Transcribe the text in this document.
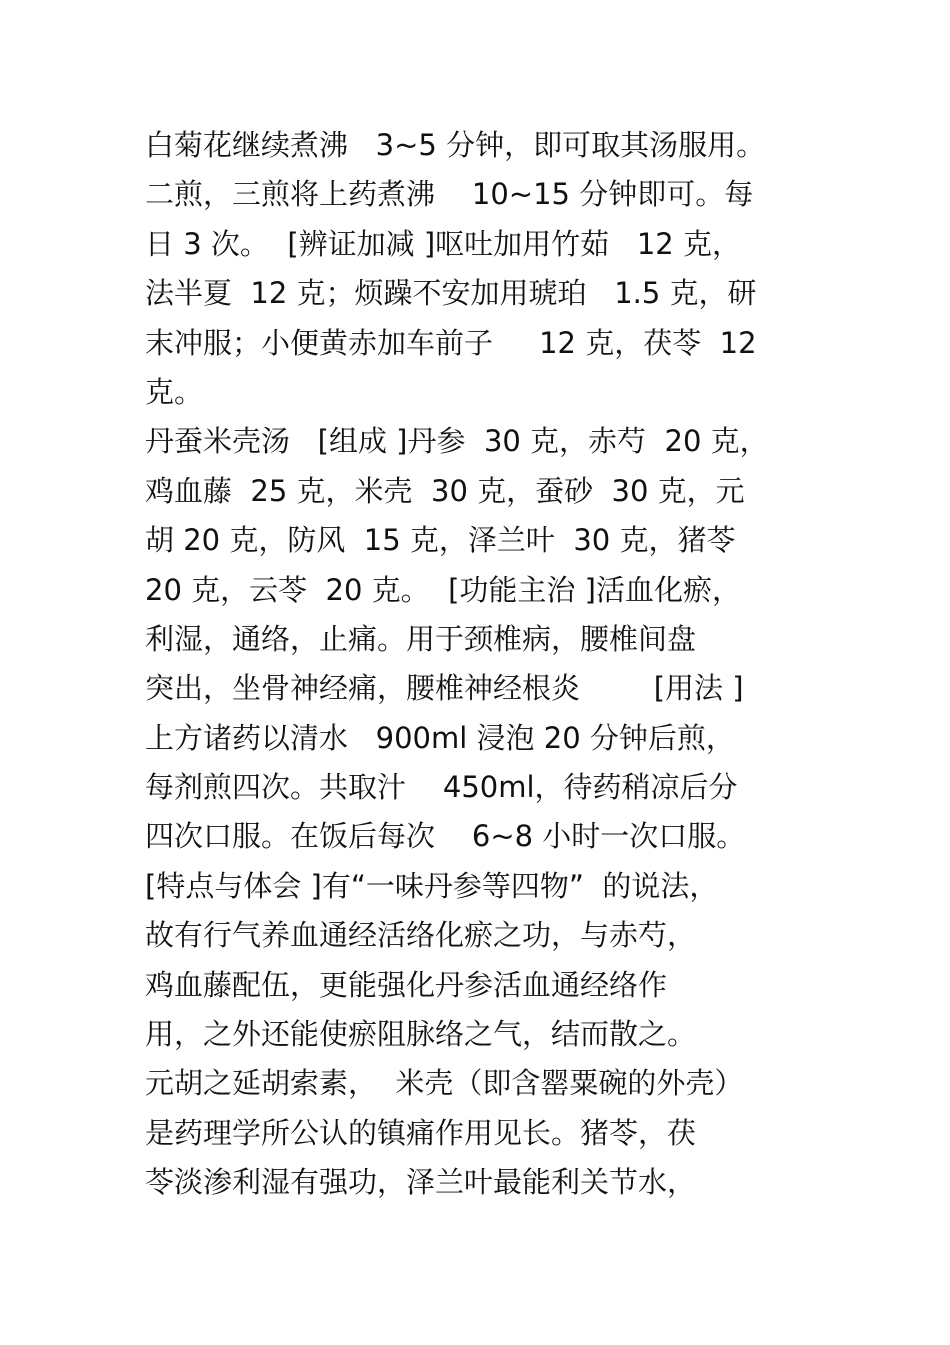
白菊花继续煮沸   3~5 分钟，即可取其汤服用。
二煎，三煎将上药煮沸    10~15 分钟即可。每
日 3 次。  [辨证加减 ]呕吐加用竹茹   12 克，
法半夏  12 克；烦躁不安加用琥珀   1.5 克，研
末冲服；小便黄赤加车前子     12 克，茯苓  12
克。
丹蚕米壳汤   [组成 ]丹参  30 克，赤芍  20 克，
鸡血藤  25 克，米壳  30 克，蚕砂  30 克，元
胡 20 克，防风  15 克，泽兰叶  30 克，猪苓
20 克，云苓  20 克。  [功能主治 ]活血化瘀，
利湿，通络，止痛。用于颈椎病，腰椎间盘
突出，坐骨神经痛，腰椎神经根炎        [用法 ]
上方诸药以清水   900ml 浸泡 20 分钟后煎，
每剂煎四次。共取汁    450ml，待药稍凉后分
四次口服。在饭后每次    6~8 小时一次口服。
[特点与体会 ]有“一味丹参等四物”  的说法，
故有行气养血通经活络化瘀之功，与赤芍，
鸡血藤配伍，更能强化丹参活血通经络作
用，之外还能使瘀阻脉络之气，结而散之。
元胡之延胡索素，  米壳（即含罂粟碗的外壳）
是药理学所公认的镇痛作用见长。猪苓，茯
苓淡渗利湿有强功，泽兰叶最能利关节水，
